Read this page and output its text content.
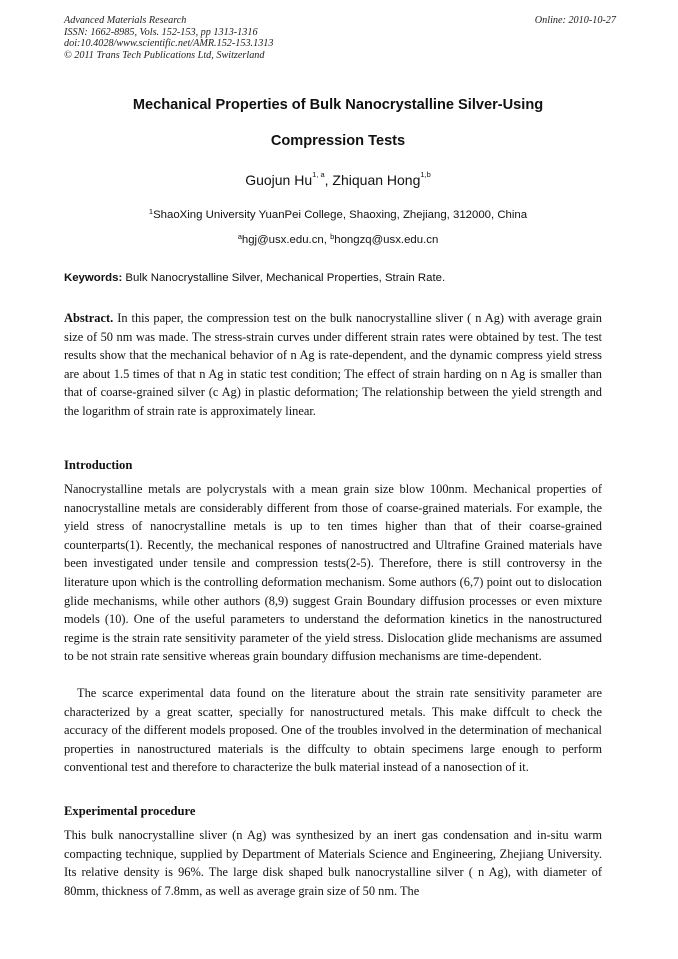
Advanced Materials Research
ISSN: 1662-8985, Vols. 152-153, pp 1313-1316
doi:10.4028/www.scientific.net/AMR.152-153.1313
© 2011 Trans Tech Publications Ltd, Switzerland
Online: 2010-10-27
Mechanical Properties of Bulk Nanocrystalline Silver-Using
Compression Tests
Guojun Hu$^{1, a}$, Zhiquan Hong$^{1,b}$
$^1$ShaoXing University YuanPei College, Shaoxing, Zhejiang, 312000, China
$^a$hgj@usx.edu.cn, $^b$hongzq@usx.edu.cn
Keywords: Bulk Nanocrystalline Silver, Mechanical Properties, Strain Rate.

Abstract. In this paper, the compression test on the bulk nanocrystalline sliver ( n Ag) with average grain size of 50 nm was made. The stress-strain curves under different strain rates were obtained by test. The test results show that the mechanical behavior of n Ag is rate-dependent, and the dynamic compress yield stress are about 1.5 times of that n Ag in static test condition; The effect of strain harding on n Ag is smaller than that of coarse-grained silver (c Ag) in plastic deformation; The relationship between the yield strength and the logarithm of strain rate is approximately linear.

Introduction

Nanocrystalline metals are polycrystals with a mean grain size blow 100nm. Mechanical properties of nanocrystalline metals are considerably different from those of coarse-grained materials. For example, the yield stress of nanocrystalline metals is up to ten times higher than that of their coarse-grained counterparts(1). Recently, the mechanical respones of nanostructred and Ultrafine Grained materials have been investigated under tensile and compression tests(2-5). Therefore, there is still controversy in the literature upon which is the controlling deformation mechanism. Some authors (6,7) point out to dislocation glide mechanisms, while other authors (8,9) suggest Grain Boundary diffusion processes or even mixture models (10). One of the useful parameters to understand the deformation kinetics in the nanostructured regime is the strain rate sensitivity parameter of the yield stress. Dislocation glide mechanisms are assumed to be not strain rate sensitive whereas grain boundary diffusion mechanisms are time-dependent.

The scarce experimental data found on the literature about the strain rate sensitivity parameter are characterized by a great scatter, specially for nanostructured metals. This make diffcult to check the accuracy of the different models proposed. One of the troubles involved in the determination of mechanical properties in nanostructured materials is the diffculty to obtain specimens large enough to perform conventional test and therefore to characterize the bulk material instead of a nanosection of it.

Experimental procedure

This bulk nanocrystalline sliver (n Ag) was synthesized by an inert gas condensation and in-situ warm compacting technique, supplied by Department of Materials Science and Engineering, Zhejiang University. Its relative density is 96%. The large disk shaped bulk nanocrystalline silver ( n Ag), with diameter of 80mm, thickness of 7.8mm, as well as average grain size of 50 nm. The
